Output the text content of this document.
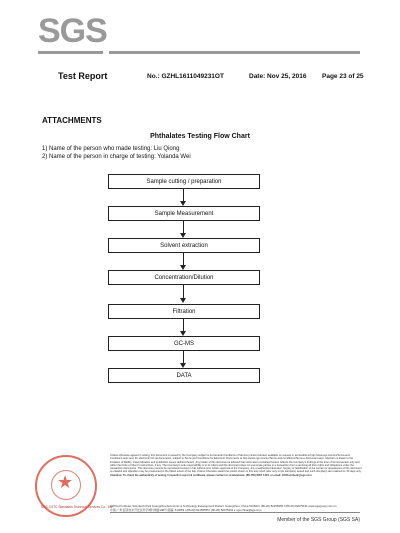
SGS
Test Report	No.: GZHL1611049231OT	Date: Nov 25, 2016 Page 23 of 25
ATTACHMENTS
Phthalates Testing Flow Chart
1) Name of the person who made testing: Liu Qiong
2) Name of the person in charge of testing: Yolanda Wei
Sample cutting / preparation
Sample Measurement
Solvent extraction
Concentration/Dilution
Filtration
GC-MS
DATA
★
SGS-CSTC Standards Technical Services Co., Ltd.
Unless otherwise agreed in writing, this document is issued by the Company subject to its General Conditions of Service printed overleaf, available on request or accessible at http://www.sgs.com/en/Terms-and-Conditions.aspx and, for electronic format documents, subject to Terms and Conditions for Electronic Documents at http://www.sgs.com/en/Terms-and-Conditions/Terms-e-Document.aspx. Attention is drawn to the limitation of liability, indemnification and jurisdiction issues defined therein. Any holder of this document is advised that information contained hereon reflects the Company's findings at the time of its intervention only and within the limits of Client's instructions, if any. The Company's sole responsibility is to its Client and this document does not exonerate parties to a transaction from exercising all their rights and obligations under the transaction documents. This document cannot be reproduced except in full, without prior written approval of the Company. Any unauthorized alteration, forgery or falsification of the content or appearance of this document is unlawful and offenders may be prosecuted to the fullest extent of the law. Unless otherwise stated the results shown in this test report refer only to the sample(s) tested and such sample(s) are retained for 30 days only. Attention: To check the authenticity of testing / inspection report & certificate, please contact us at telephone: (86-755) 8307 1443, or email: CN.Doccheck@sgs.com
198 Kezhu Road, Scientech Park Guangzhou Economic & Technology Development District, Guangzhou, China 510663 t (86-20) 82155555 f (86-20) 82075191 www.sgsgroup.com.cn
中国·广州·经济技术开发区科学城科珠路198号 邮编: 510663 t (86-20) 82155555 f (86-20) 82075191 e sgs.china@sgs.com
Member of the SGS Group (SGS SA)
